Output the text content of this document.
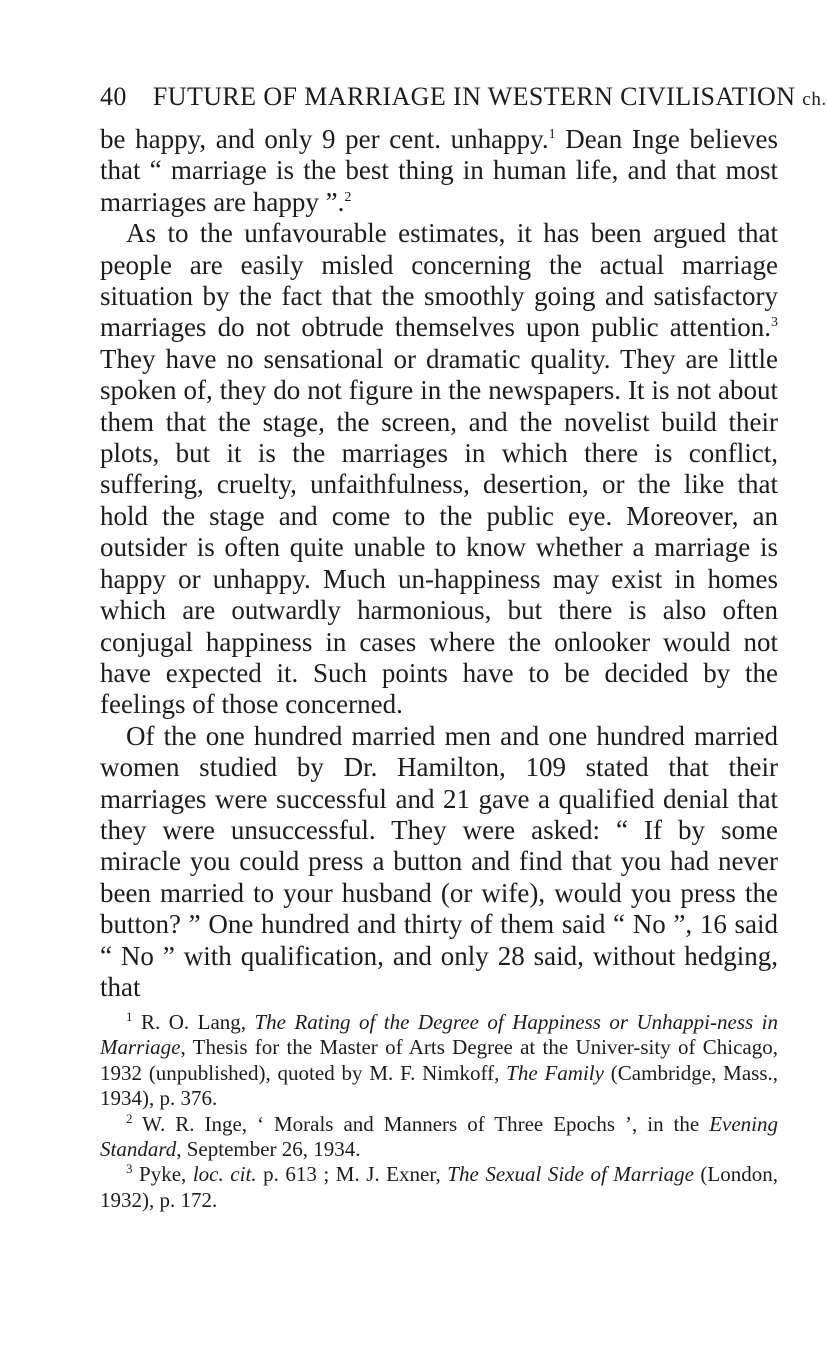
40 FUTURE OF MARRIAGE IN WESTERN CIVILISATION ch.

be happy, and only 9 per cent. unhappy.$^1$ Dean Inge believes that “ marriage is the best thing in human life, and that most marriages are happy ”.$^2$

As to the unfavourable estimates, it has been argued that people are easily misled concerning the actual marriage situation by the fact that the smoothly going and satisfactory marriages do not obtrude themselves upon public attention.$^3$ They have no sensational or dramatic quality. They are little spoken of, they do not figure in the newspapers. It is not about them that the stage, the screen, and the novelist build their plots, but it is the marriages in which there is conflict, suffering, cruelty, unfaithfulness, desertion, or the like that hold the stage and come to the public eye. Moreover, an outsider is often quite unable to know whether a marriage is happy or unhappy. Much un-happiness may exist in homes which are outwardly harmonious, but there is also often conjugal happiness in cases where the onlooker would not have expected it. Such points have to be decided by the feelings of those concerned.

Of the one hundred married men and one hundred married women studied by Dr. Hamilton, 109 stated that their marriages were successful and 21 gave a qualified denial that they were unsuccessful. They were asked: “ If by some miracle you could press a button and find that you had never been married to your husband (or wife), would you press the button? ” One hundred and thirty of them said “ No ”, 16 said “ No ” with qualification, and only 28 said, without hedging, that

$^1$ R. O. Lang, The Rating of the Degree of Happiness or Unhappi-ness in Marriage, Thesis for the Master of Arts Degree at the Univer-sity of Chicago, 1932 (unpublished), quoted by M. F. Nimkoff, The Family (Cambridge, Mass., 1934), p. 376.

$^2$ W. R. Inge, ‘ Morals and Manners of Three Epochs ’, in the Evening Standard, September 26, 1934.

$^3$ Pyke, loc. cit. p. 613 ; M. J. Exner, The Sexual Side of Marriage (London, 1932), p. 172.
